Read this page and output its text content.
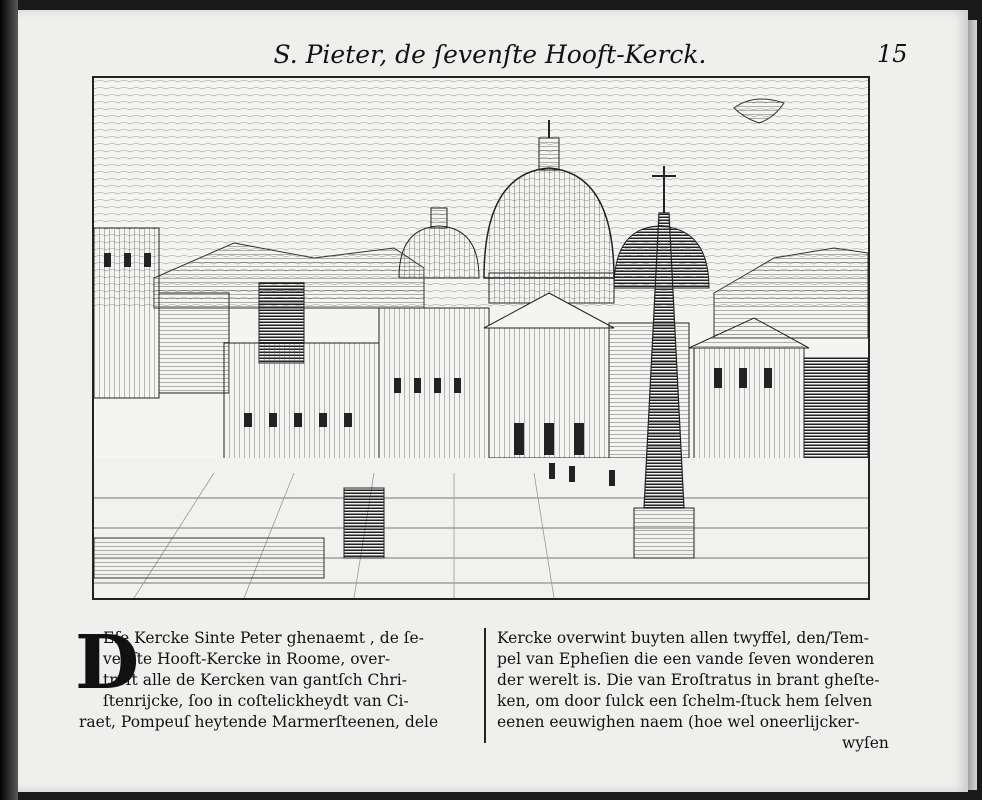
S. Pieter, de ſevenſte Hooft-Kerck.	15
D
Eſe Kercke Sinte Peter ghenaemt , de ſe-
venſte Hooft-Kercke in Roome, over-
treft alle de Kercken van gantſch Chri-
ſtenrijcke, ſoo in coſtelickheydt van Ci-
raet, Pompeuſ heytende Marmerſteenen, dele
Kercke overwint buyten allen twyffel, den/Tem-
pel van Epheſien die een vande ſeven wonderen
der werelt is. Die van Eroſtratus in brant gheſte-
ken, om door ſulck een ſchelm-ſtuck hem ſelven
eenen eeuwighen naem (hoe wel oneerlijcker-
wyſen
